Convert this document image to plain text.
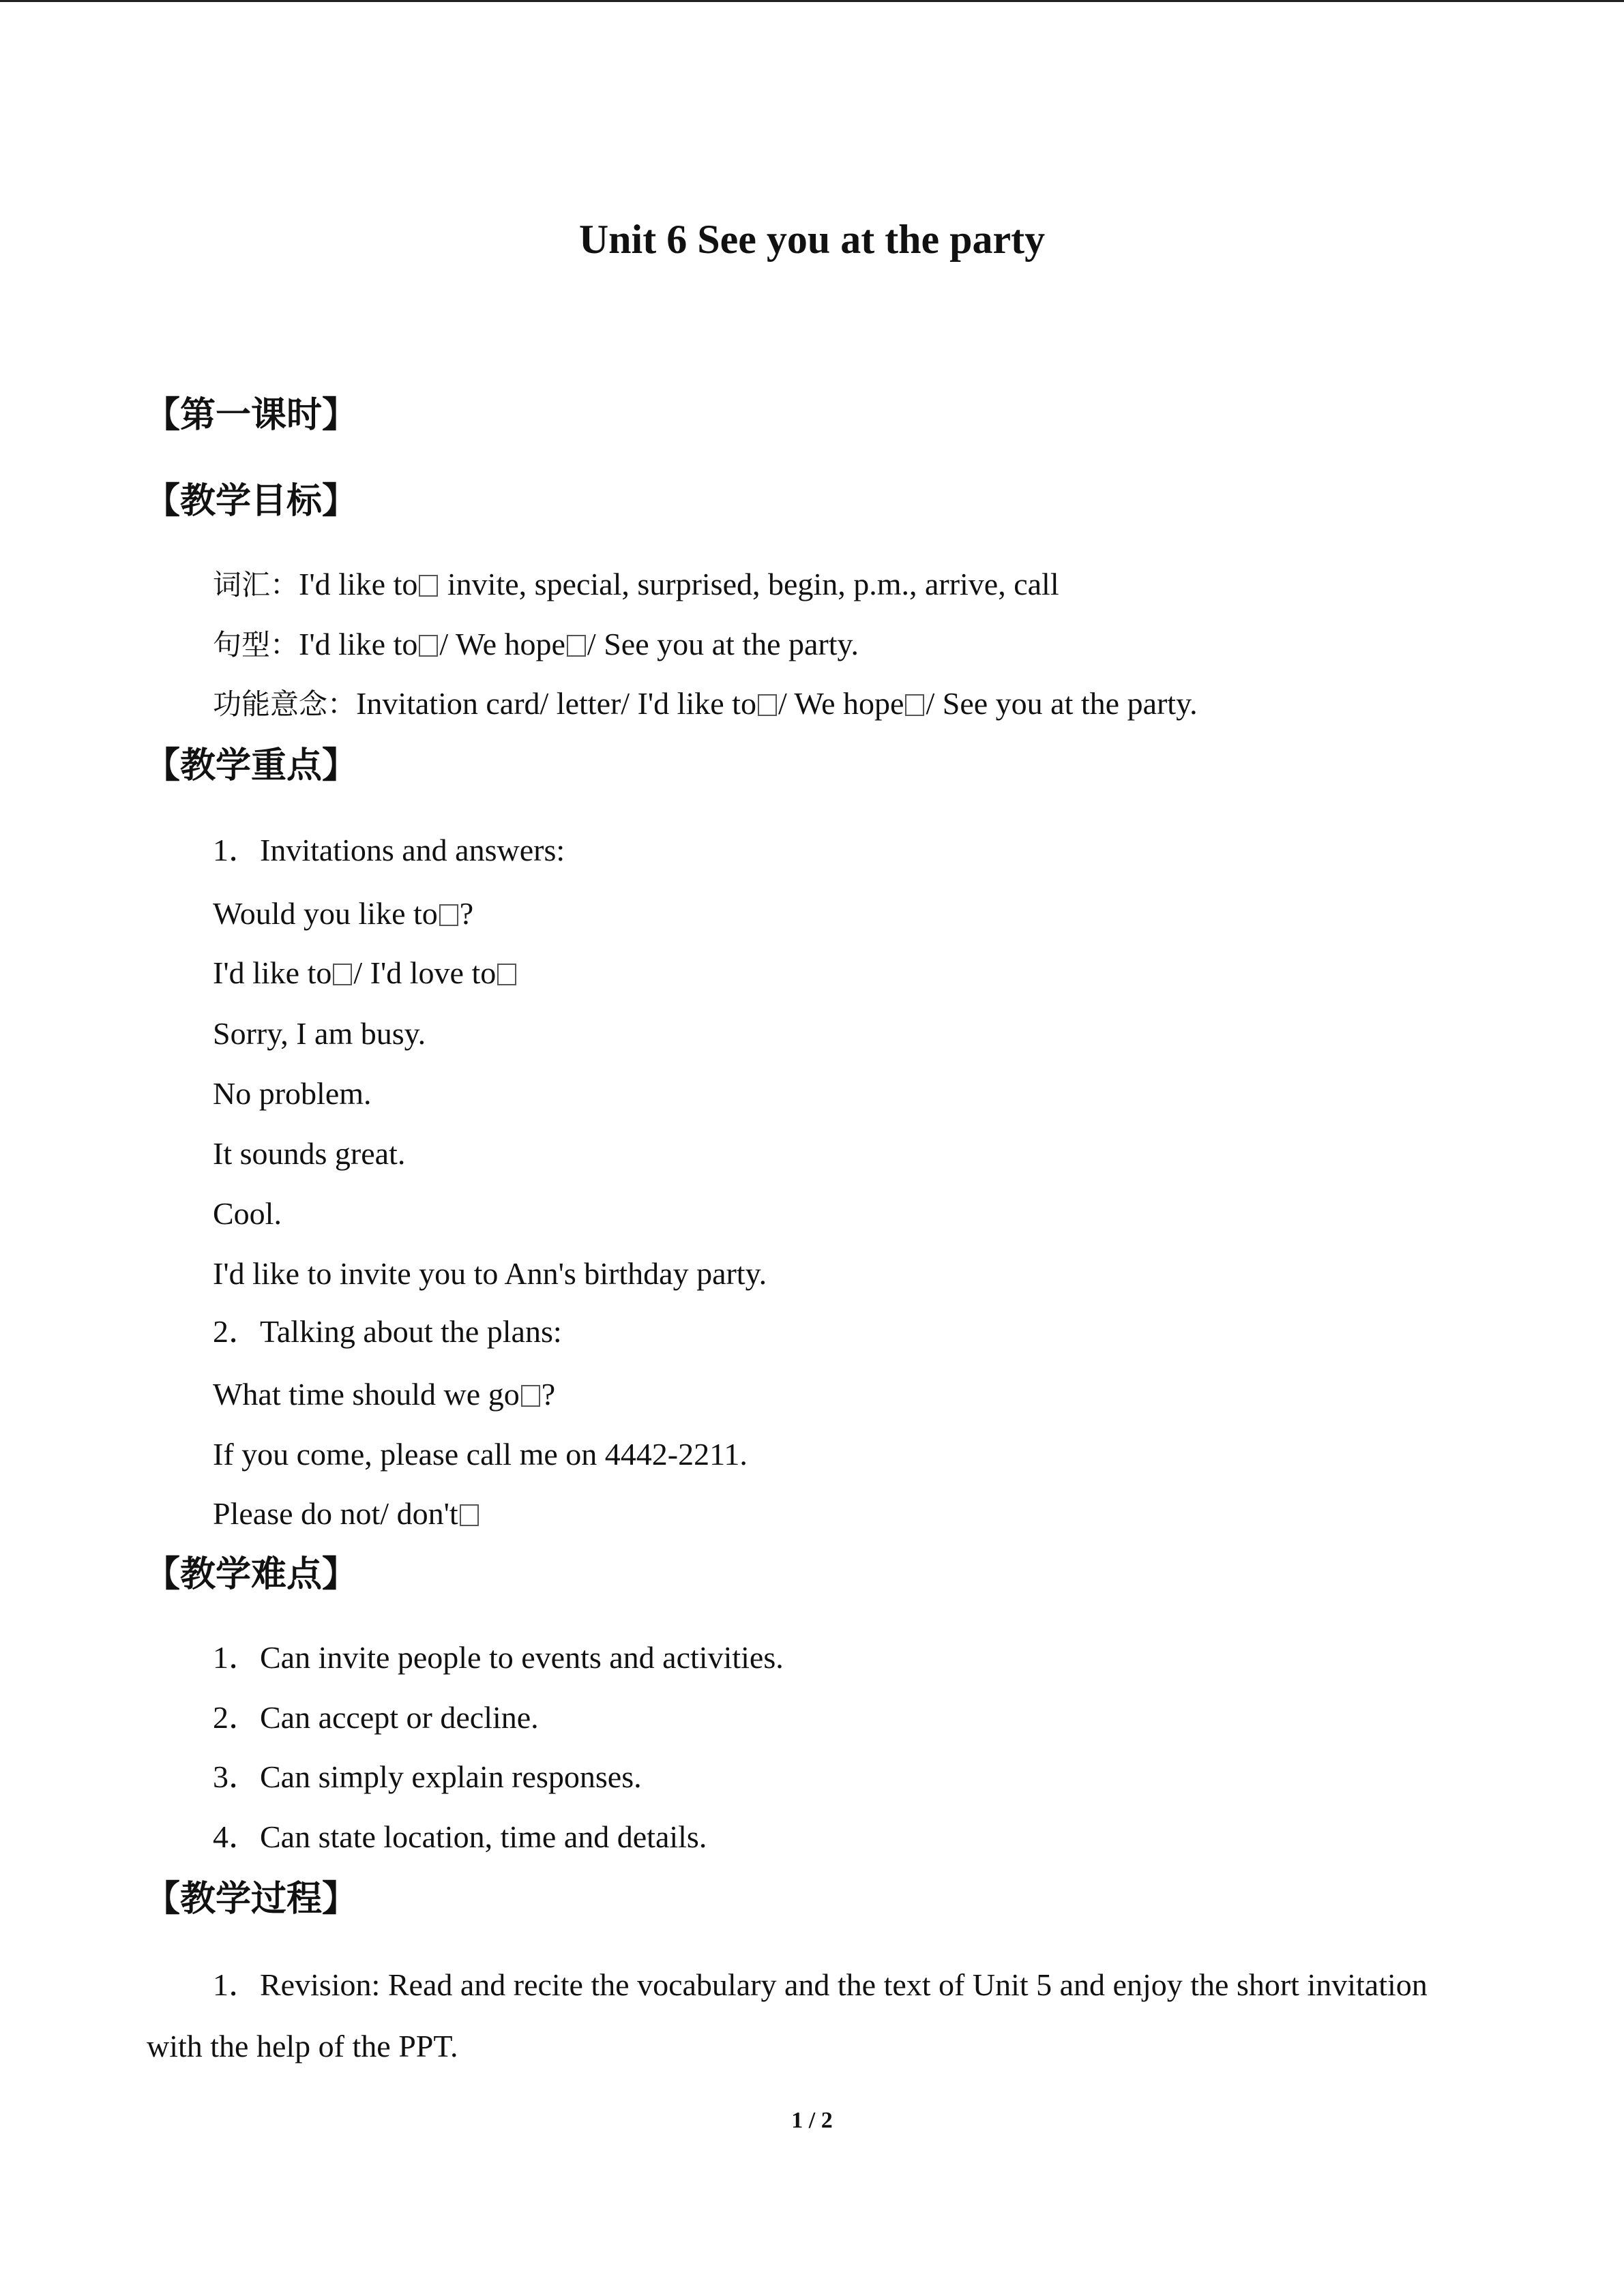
Unit 6 See you at the party
【第一课时】
【教学目标】
词汇：I'd like to invite, special, surprised, begin, p.m., arrive, call
句型：I'd like to / We hope / See you at the party.
功能意念：Invitation card/ letter/ I'd like to / We hope / See you at the party.
【教学重点】
1．Invitations and answers:
Would you like to ?
I'd like to / I'd love to
Sorry, I am busy.
No problem.
It sounds great.
Cool.
I'd like to invite you to Ann's birthday party.
2．Talking about the plans:
What time should we go ?
If you come, please call me on 4442-2211.
Please do not/ don't
【教学难点】
1．Can invite people to events and activities.
2．Can accept or decline.
3．Can simply explain responses.
4．Can state location, time and details.
【教学过程】
1．Revision: Read and recite the vocabulary and the text of Unit 5 and enjoy the short invitation
with the help of the PPT.
1 / 2
